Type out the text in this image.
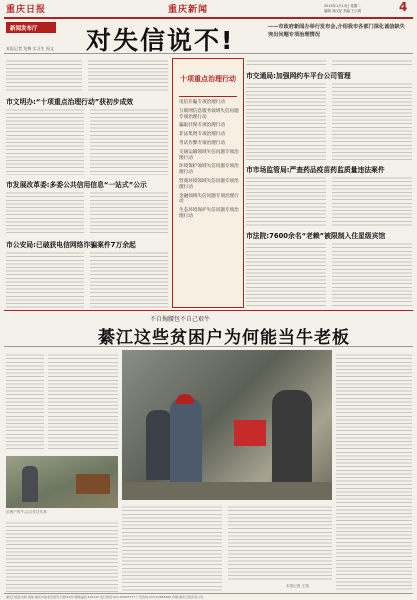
重庆日报	重庆新闻	2015年1月13日 星期二
编辑 刘汉民 美编 王大明	4
新闻发布厅 对失信说不!	——市政府新闻办举行发布会,介绍我市各部门深化诚信缺失突出问题专项治理情况
本报记者 龙搏 实习生 周文
市文明办:“十项重点治理行动”获初步成效
市发展改革委:多委公共信用信息“一站式”公示
市公安局:已破获电信网络诈骗案件7万余起
十项重点治理行动
电信诈骗专项治理行动
互联网信息服务领域失信问题专项治理行动
骗取社保专项治理行动
非法集资专项治理行动
考试作弊专项治理行动
交通运输领域失信问题专项治理行动
环境保护领域失信问题专项治理行动
营商环境领域失信问题专项治理行动
金融领域失信问题专项治理行动
生态环境保护失信问题专项治理行动
市交通局:加强网约车平台公司管理
市市场监管局:严查药品疫苗药监质量违法案件
市法院:7600余名“老赖”被限制入住星级宾馆
不自掏腰包不自己艰牛
綦江这些贫困户为何能当牛老板
贫困户的牛,由合作社代养
本报记者 王翔
重庆日报社出版 地址:重庆市渝北区同茂大道416号 邮政编码:401120 发行热线:023-63907777 广告热线:023-63856666 印刷:重庆日报印务公司
